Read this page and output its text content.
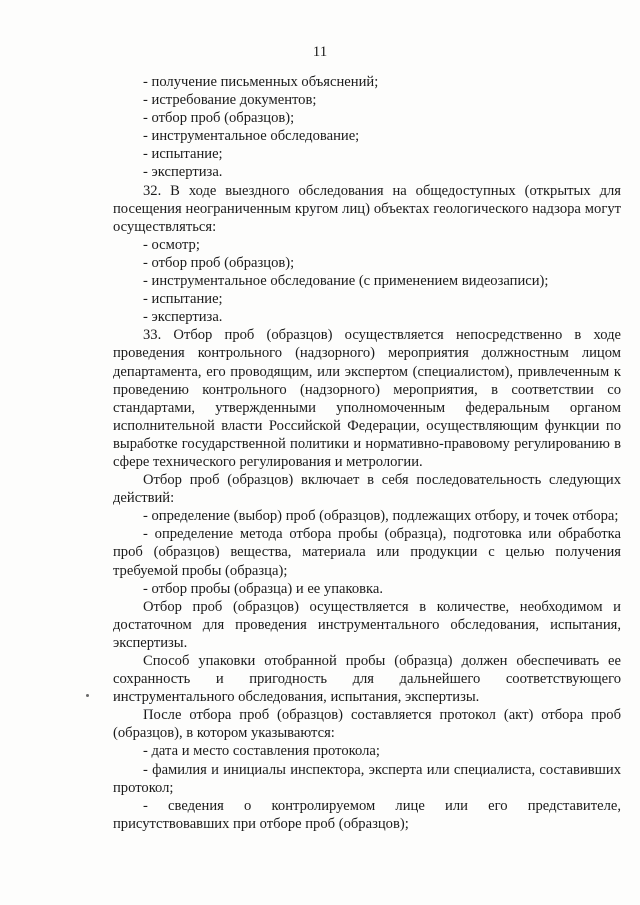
11

- получение письменных объяснений;

- истребование документов;

- отбор проб (образцов);

- инструментальное обследование;

- испытание;

- экспертиза.

32. В ходе выездного обследования на общедоступных (открытых для посещения неограниченным кругом лиц) объектах геологического надзора могут осуществляться:

- осмотр;

- отбор проб (образцов);

- инструментальное обследование (с применением видеозаписи);

- испытание;

- экспертиза.

33. Отбор проб (образцов) осуществляется непосредственно в ходе проведения контрольного (надзорного) мероприятия должностным лицом департамента, его проводящим, или экспертом (специалистом), привлеченным к проведению контрольного (надзорного) мероприятия, в соответствии со стандартами, утвержденными уполномоченным федеральным органом исполнительной власти Российской Федерации, осуществляющим функции по выработке государственной политики и нормативно-правовому регулированию в сфере технического регулирования и метрологии.

Отбор проб (образцов) включает в себя последовательность следующих действий:

- определение (выбор) проб (образцов), подлежащих отбору, и точек отбора;

- определение метода отбора пробы (образца), подготовка или обработка проб (образцов) вещества, материала или продукции с целью получения требуемой пробы (образца);

- отбор пробы (образца) и ее упаковка.

Отбор проб (образцов) осуществляется в количестве, необходимом и достаточном для проведения инструментального обследования, испытания, экспертизы.

Способ упаковки отобранной пробы (образца) должен обеспечивать ее сохранность и пригодность для дальнейшего соответствующего инструментального обследования, испытания, экспертизы.

После отбора проб (образцов) составляется протокол (акт) отбора проб (образцов), в котором указываются:

- дата и место составления протокола;

- фамилия и инициалы инспектора, эксперта или специалиста, составивших протокол;

- сведения о контролируемом лице или его представителе, присутствовавших при отборе проб (образцов);
